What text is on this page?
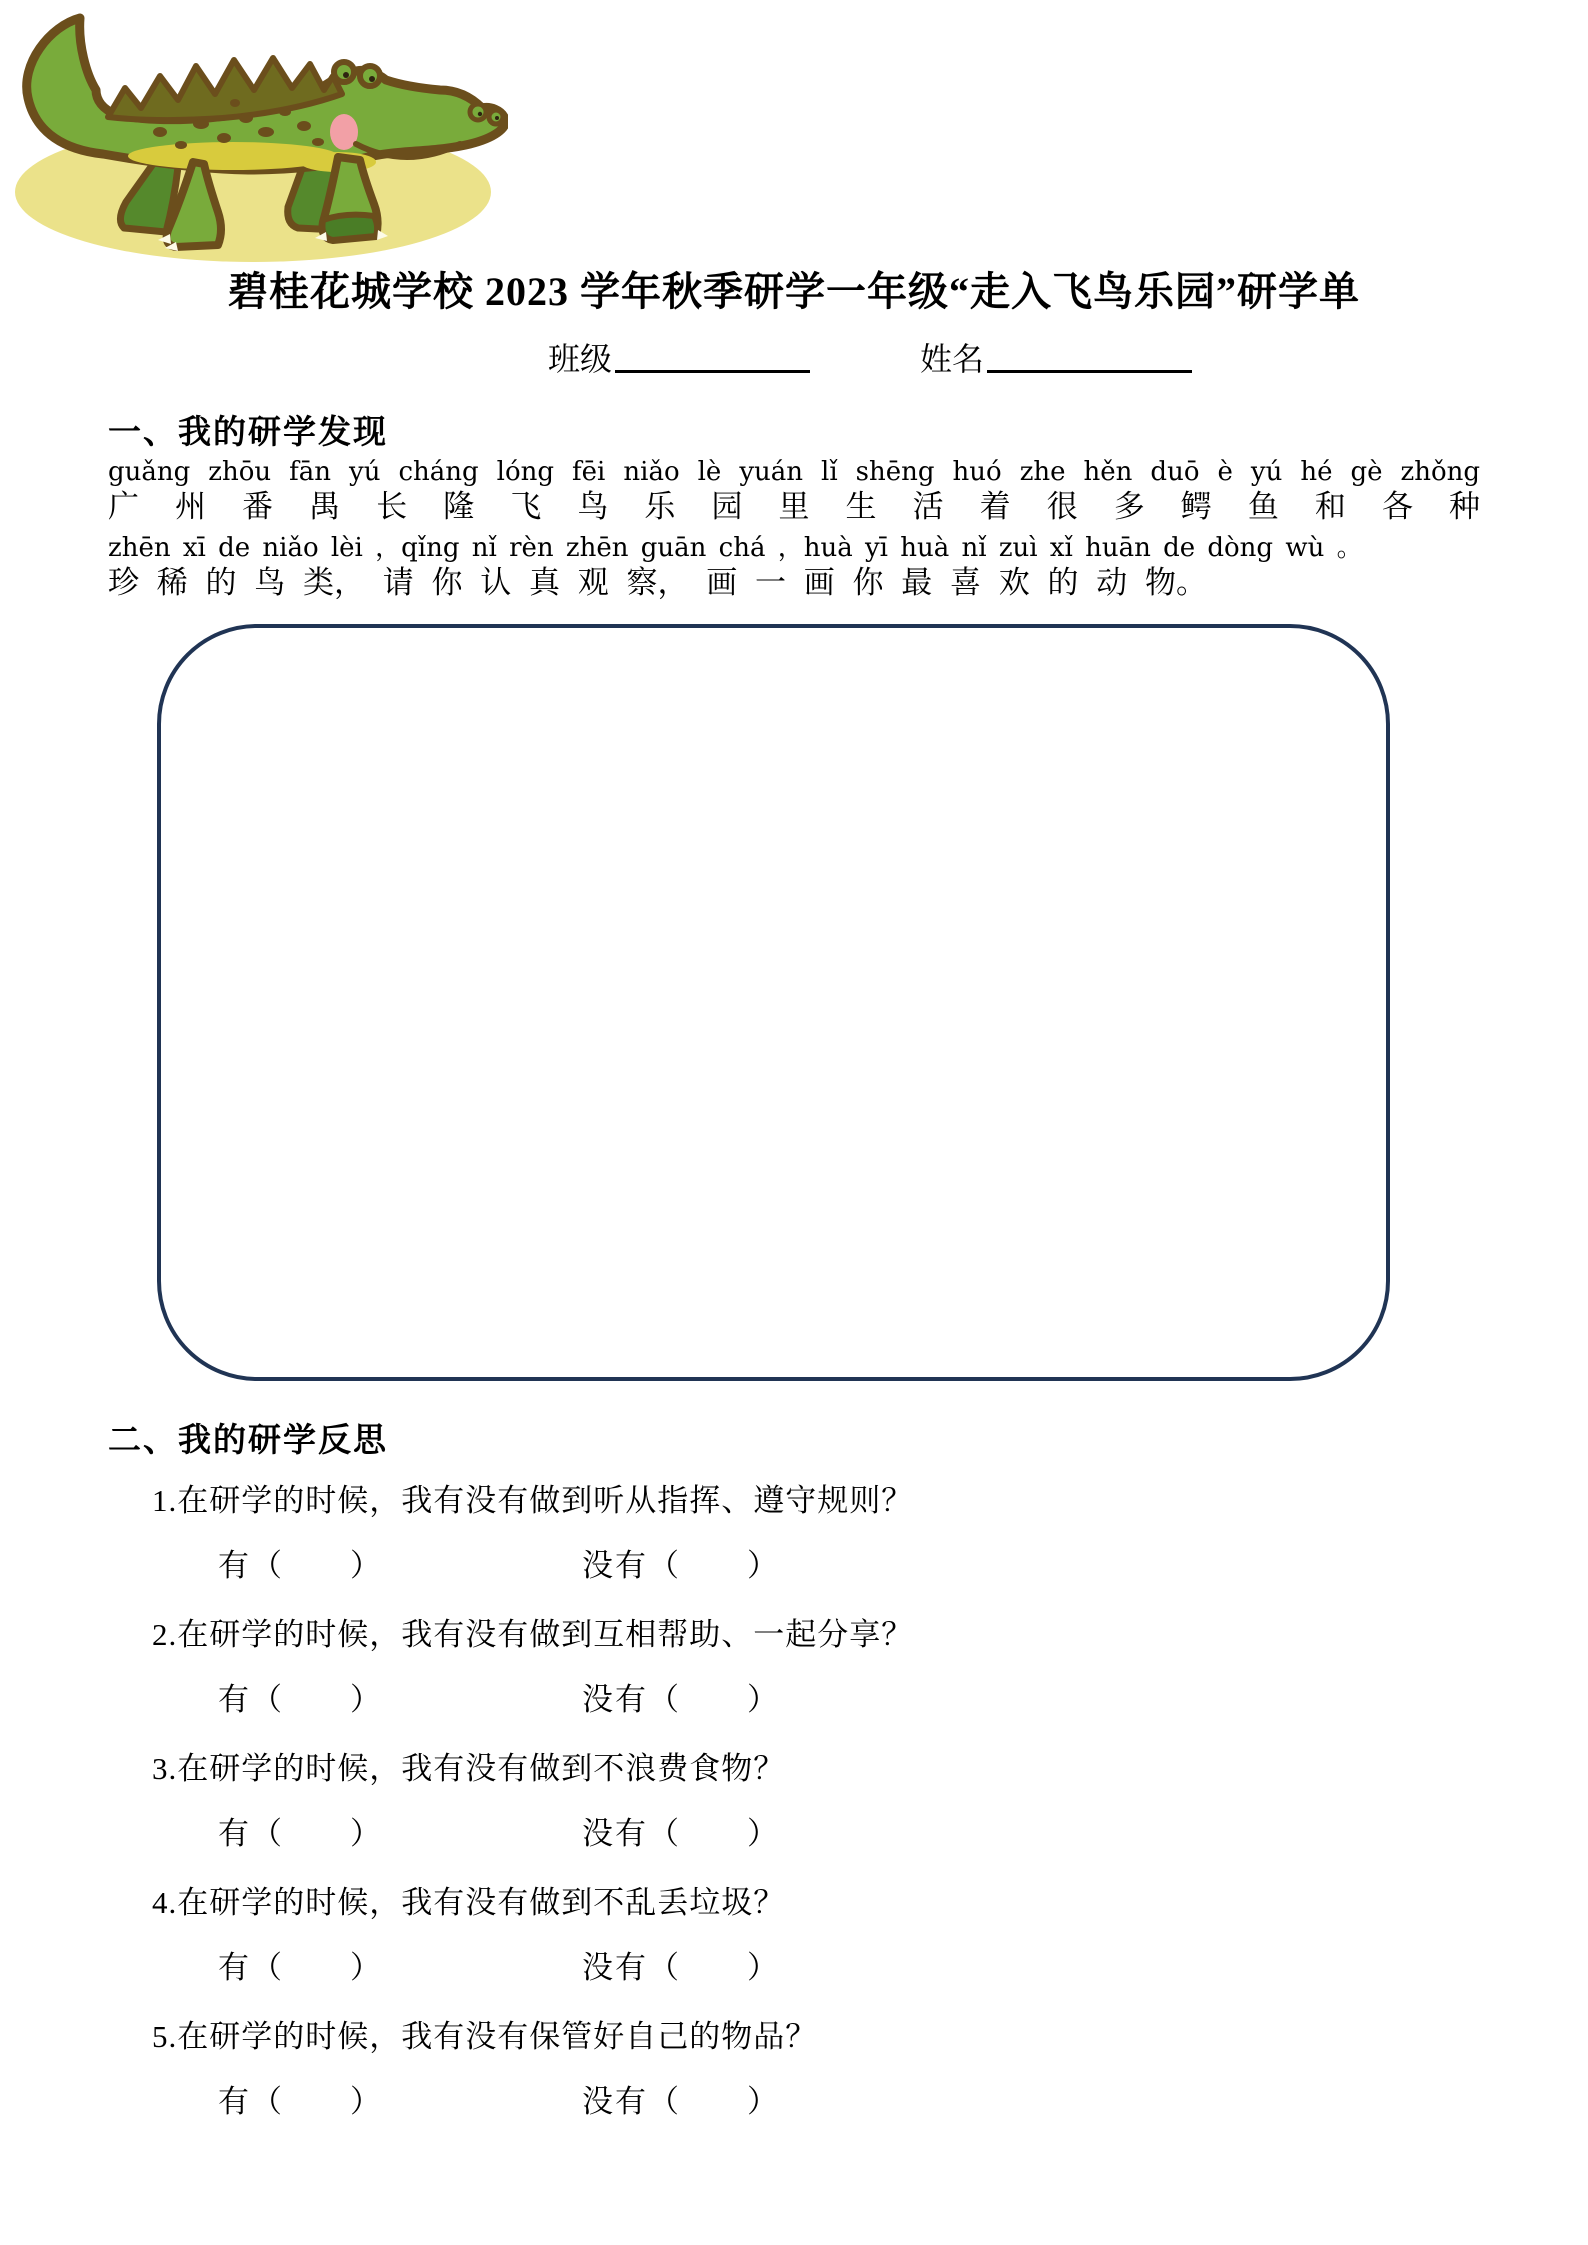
碧桂花城学校 2023 学年秋季研学一年级“走入飞鸟乐园”研学单
班级	姓名
一、我的研学发现
guǎng zhōu fān yú cháng lóng fēi niǎo lè yuán lǐ shēng huó zhe hěn duō è yú hé gè zhǒng
广 州 番 禺 长 隆 飞 鸟 乐 园 里 生 活 着 很 多 鳄 鱼 和 各 种
zhēn xī de niǎo lèi ，qǐng nǐ rèn zhēn guān chá ，huà yī huà nǐ zuì xǐ huān de dòng wù 。
珍 稀 的 鸟 类， 请 你 认 真 观 察， 画 一 画 你 最 喜 欢 的 动 物。
二、我的研学反思
1.在研学的时候，我有没有做到听从指挥、遵守规则？
有（　　）	没有（　　）
2.在研学的时候，我有没有做到互相帮助、一起分享？
有（　　）	没有（　　）
3.在研学的时候，我有没有做到不浪费食物？
有（　　）	没有（　　）
4.在研学的时候，我有没有做到不乱丢垃圾？
有（　　）	没有（　　）
5.在研学的时候，我有没有保管好自己的物品？
有（　　）	没有（　　）
